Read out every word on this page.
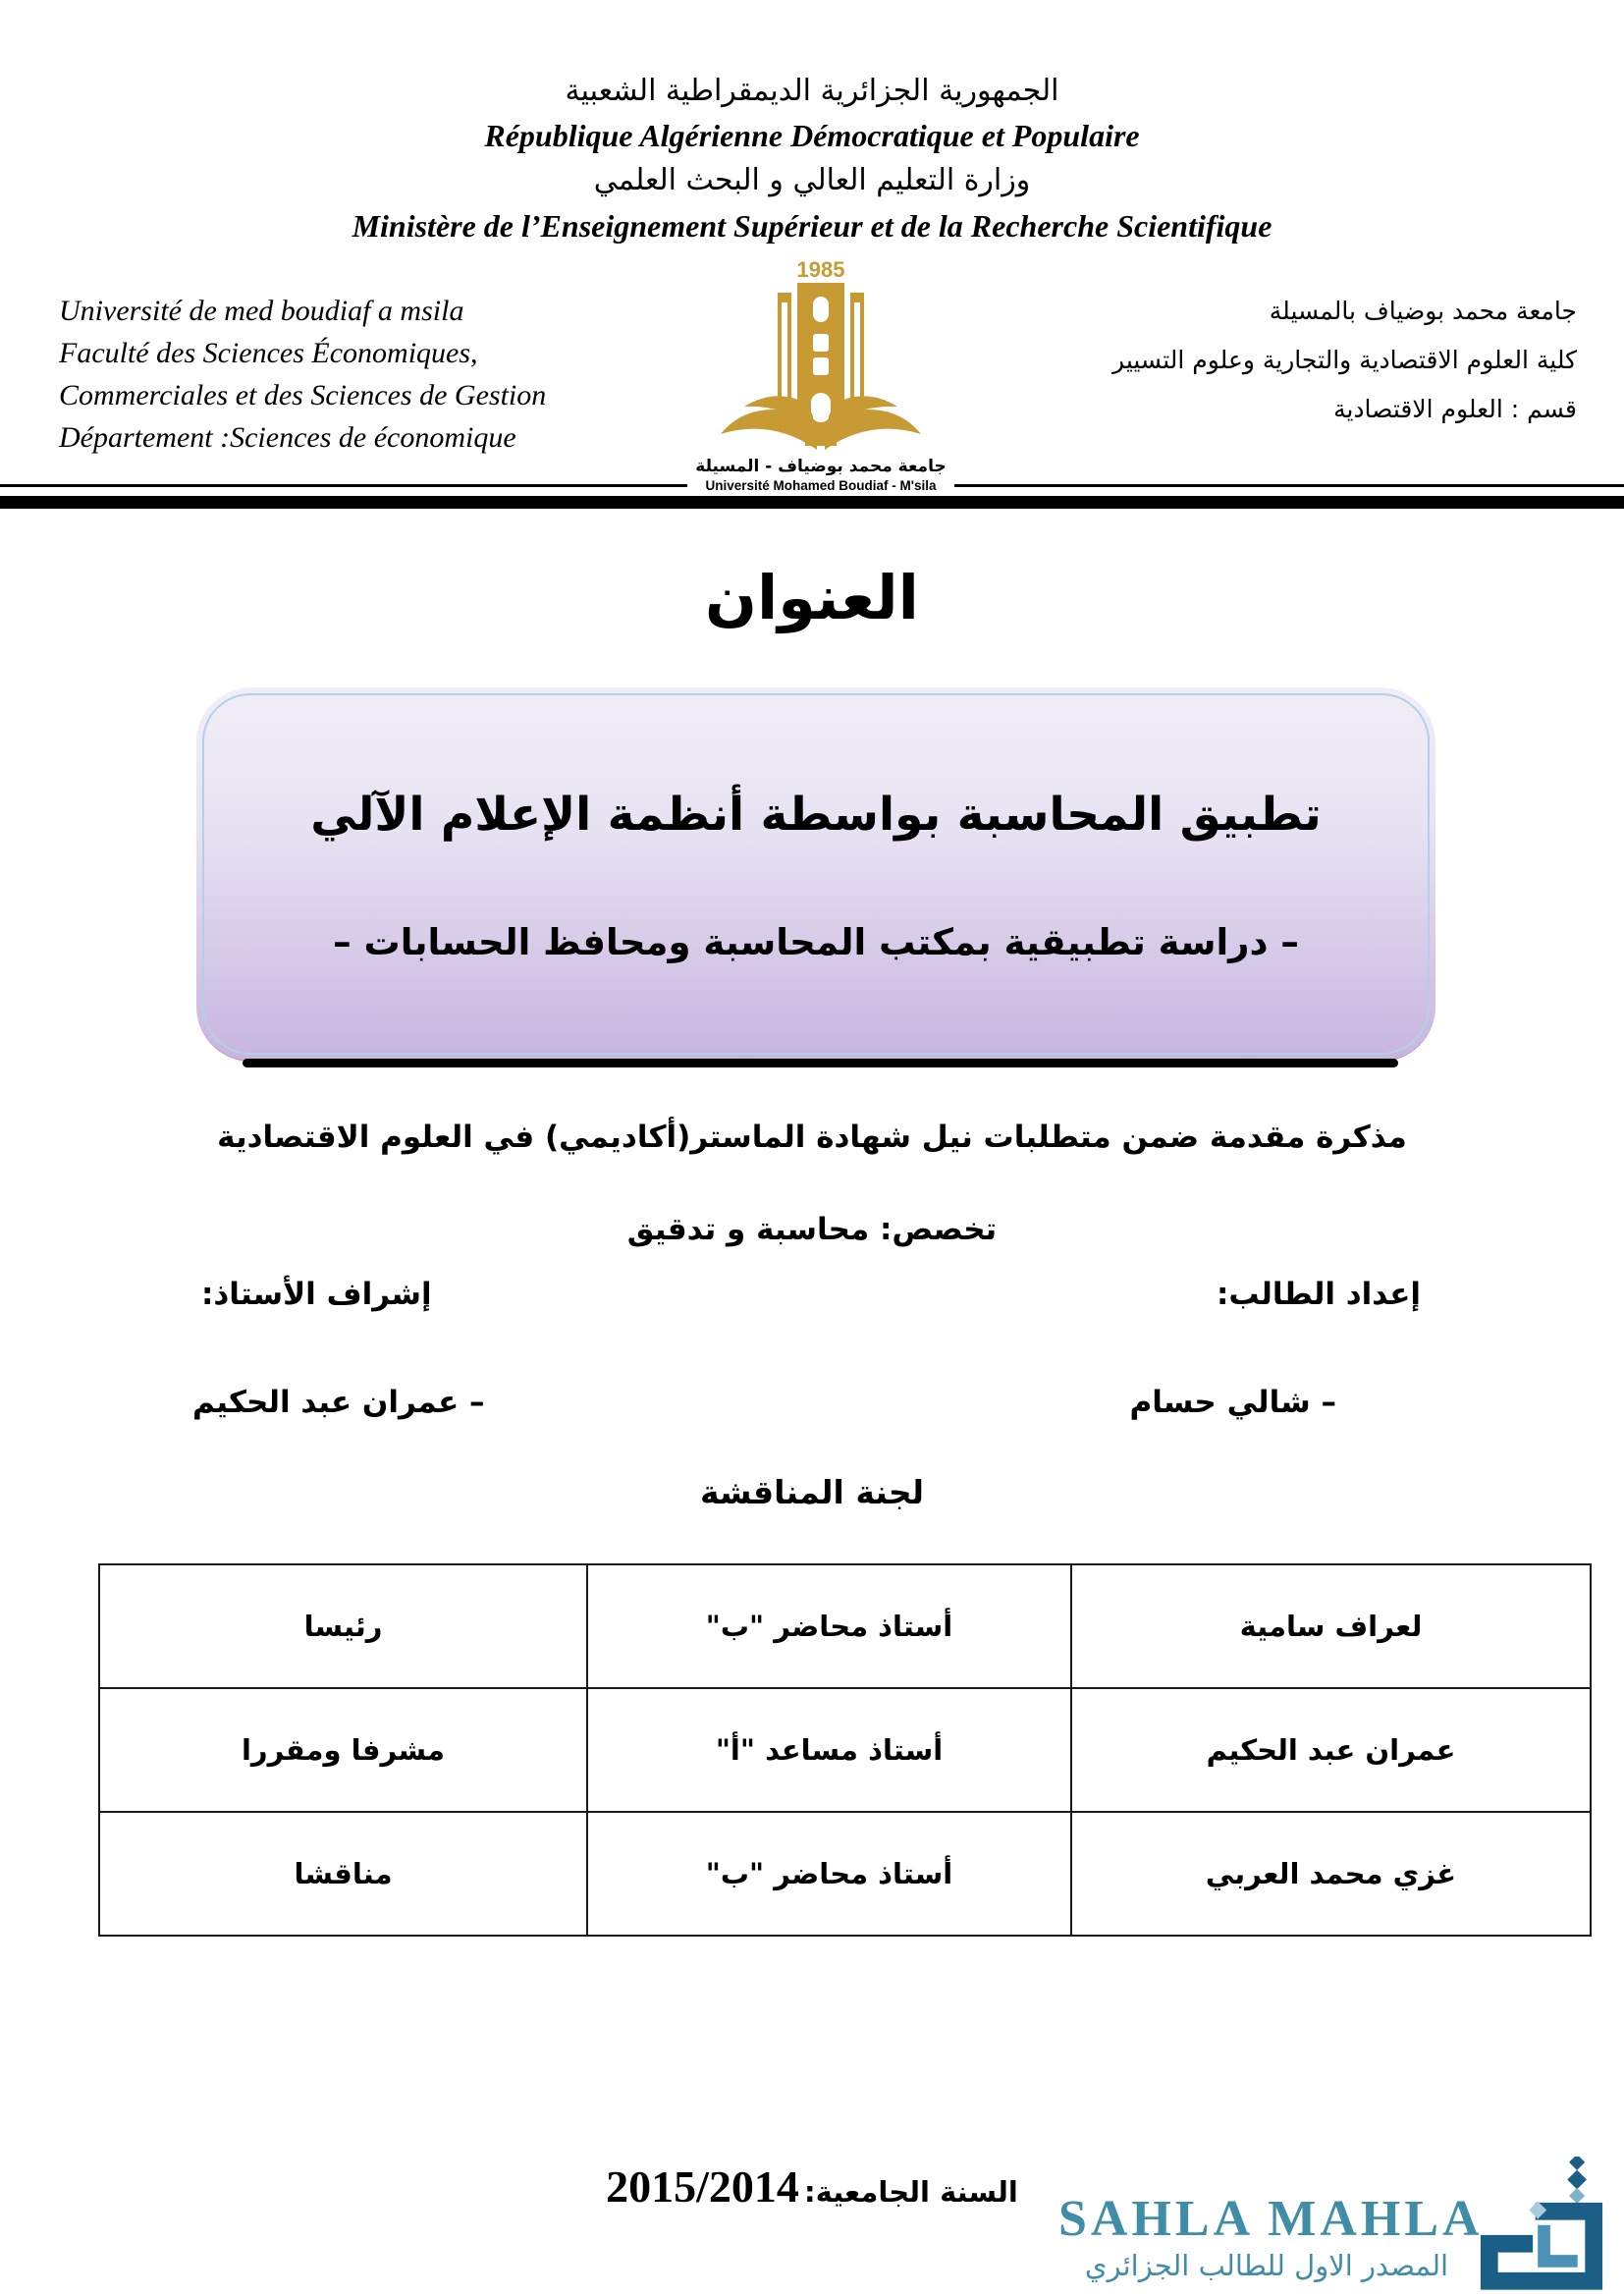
الجمهورية الجزائرية الديمقراطية الشعبية
République Algérienne Démocratique et Populaire
وزارة التعليم العالي و البحث العلمي
Ministère de l’Enseignement Supérieur et de la Recherche Scientifique
Université de med boudiaf a msila
Faculté des Sciences Économiques,
Commerciales et des Sciences de Gestion
Département :Sciences de économique
جامعة محمد بوضياف بالمسيلة
كلية العلوم الاقتصادية والتجارية وعلوم التسيير
قسم : العلوم الاقتصادية
1985
جامعة محمد بوضياف - المسيلة
Université Mohamed Boudiaf - M'sila
العنوان
تطبيق المحاسبة بواسطة أنظمة الإعلام الآلي
– دراسة تطبيقية بمكتب المحاسبة ومحافظ الحسابات –
مذكرة مقدمة ضمن متطلبات نيل شهادة الماستر(أكاديمي) في العلوم الاقتصادية
تخصص: محاسبة و تدقيق
إعداد الطالب:
– شالي حسام
إشراف الأستاذ:
– عمران عبد الحكيم
لجنة المناقشة
لعراف سامية	أستاذ محاضر "ب"	رئيسا
عمران عبد الحكيم	أستاذ مساعد "أ"	مشرفا ومقررا
غزي محمد العربي	أستاذ محاضر "ب"	مناقشا
السنة الجامعية: 2015/2014
SAHLA MAHLA
المصدر الاول للطالب الجزائري
